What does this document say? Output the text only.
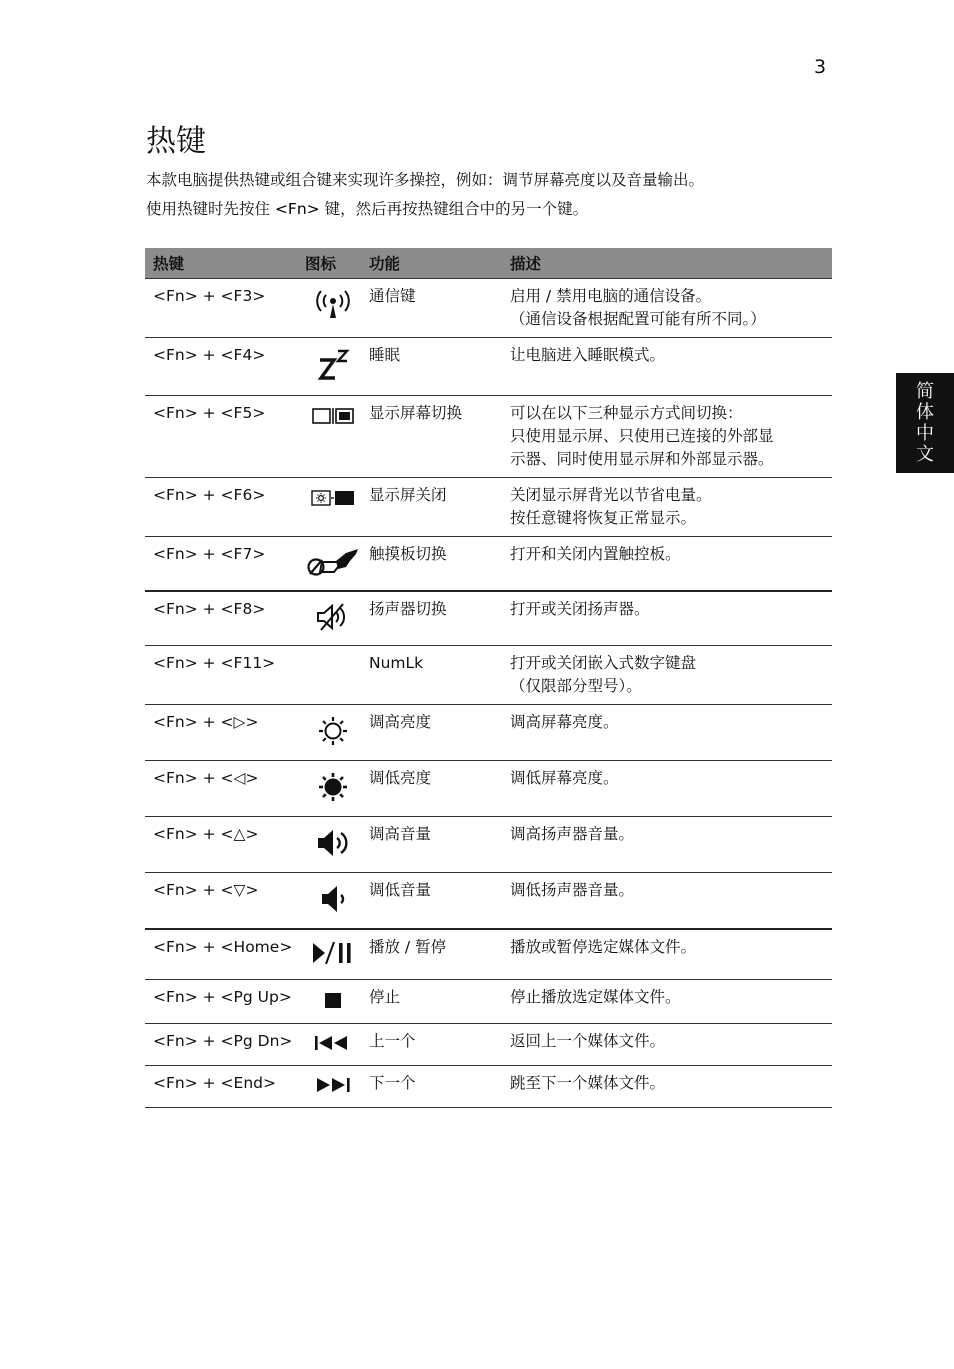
3
简
体
中
文
热键

本款电脑提供热键或组合键来实现许多操控，例如：调节屏幕亮度以及音量输出。

使用热键时先按住 <Fn> 键，然后再按热键组合中的另一个键。

热键	图标	功能	描述
<Fn> + <F3>		通信键	启用 / 禁用电脑的通信设备。
（通信设备根据配置可能有所不同。）

<Fn> + <F4>		睡眠	让电脑进入睡眠模式。

<Fn> + <F5>		显示屏幕切换	可以在以下三种显示方式间切换：
只使用显示屏、只使用已连接的外部显
示器、同时使用显示屏和外部显示器。

<Fn> + <F6>		显示屏关闭	关闭显示屏背光以节省电量。
按任意键将恢复正常显示。

<Fn> + <F7>		触摸板切换	打开和关闭内置触控板。

<Fn> + <F8>		扬声器切换	打开或关闭扬声器。

<Fn> + <F11>		NumLk	打开或关闭嵌入式数字键盘
（仅限部分型号）。

<Fn> + <▷>		调高亮度	调高屏幕亮度。

<Fn> + <◁>		调低亮度	调低屏幕亮度。

<Fn> + <△>		调高音量	调高扬声器音量。

<Fn> + <▽>		调低音量	调低扬声器音量。

<Fn> + <Home>		播放 / 暂停	播放或暂停选定媒体文件。

<Fn> + <Pg Up>		停止	停止播放选定媒体文件。

<Fn> + <Pg Dn>		上一个	返回上一个媒体文件。

<Fn> + <End>		下一个	跳至下一个媒体文件。
